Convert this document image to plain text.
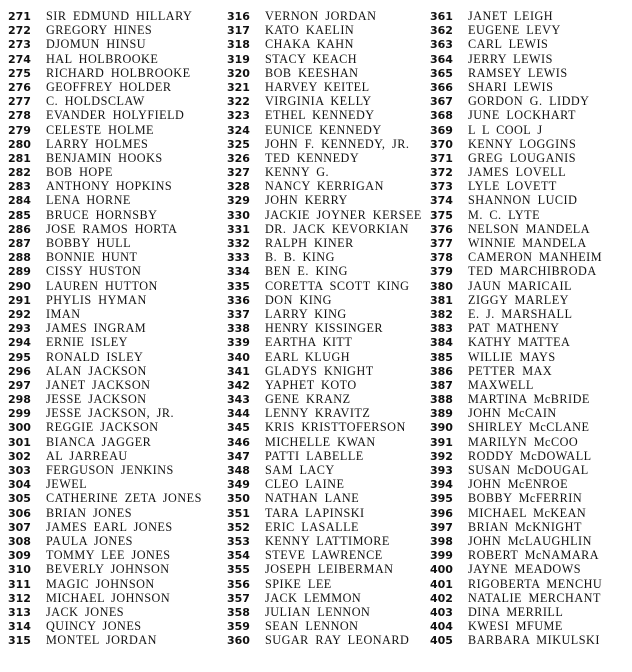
271	SIR EDMUND HILLARY
272	GREGORY HINES
273	DJOMUN HINSU
274	HAL HOLBROOKE
275	RICHARD HOLBROOKE
276	GEOFFREY HOLDER
277	C. HOLDSCLAW
278	EVANDER HOLYFIELD
279	CELESTE HOLME
280	LARRY HOLMES
281	BENJAMIN HOOKS
282	BOB HOPE
283	ANTHONY HOPKINS
284	LENA HORNE
285	BRUCE HORNSBY
286	JOSE RAMOS HORTA
287	BOBBY HULL
288	BONNIE HUNT
289	CISSY HUSTON
290	LAUREN HUTTON
291	PHYLIS HYMAN
292	IMAN
293	JAMES INGRAM
294	ERNIE ISLEY
295	RONALD ISLEY
296	ALAN JACKSON
297	JANET JACKSON
298	JESSE JACKSON
299	JESSE JACKSON, JR.
300	REGGIE JACKSON
301	BIANCA JAGGER
302	AL JARREAU
303	FERGUSON JENKINS
304	JEWEL
305	CATHERINE ZETA JONES
306	BRIAN JONES
307	JAMES EARL JONES
308	PAULA JONES
309	TOMMY LEE JONES
310	BEVERLY JOHNSON
311	MAGIC JOHNSON
312	MICHAEL JOHNSON
313	JACK JONES
314	QUINCY JONES
315	MONTEL JORDAN
316	VERNON JORDAN
317	KATO KAELIN
318	CHAKA KAHN
319	STACY KEACH
320	BOB KEESHAN
321	HARVEY KEITEL
322	VIRGINIA KELLY
323	ETHEL KENNEDY
324	EUNICE KENNEDY
325	JOHN F. KENNEDY, JR.
326	TED KENNEDY
327	KENNY G.
328	NANCY KERRIGAN
329	JOHN KERRY
330	JACKIE JOYNER KERSEE
331	DR. JACK KEVORKIAN
332	RALPH KINER
333	B. B. KING
334	BEN E. KING
335	CORETTA SCOTT KING
336	DON KING
337	LARRY KING
338	HENRY KISSINGER
339	EARTHA KITT
340	EARL KLUGH
341	GLADYS KNIGHT
342	YAPHET KOTO
343	GENE KRANZ
344	LENNY KRAVITZ
345	KRIS KRISTTOFERSON
346	MICHELLE KWAN
347	PATTI LABELLE
348	SAM LACY
349	CLEO LAINE
350	NATHAN LANE
351	TARA LAPINSKI
352	ERIC LASALLE
353	KENNY LATTIMORE
354	STEVE LAWRENCE
355	JOSEPH LEIBERMAN
356	SPIKE LEE
357	JACK LEMMON
358	JULIAN LENNON
359	SEAN LENNON
360	SUGAR RAY LEONARD
361	JANET LEIGH
362	EUGENE LEVY
363	CARL LEWIS
364	JERRY LEWIS
365	RAMSEY LEWIS
366	SHARI LEWIS
367	GORDON G. LIDDY
368	JUNE LOCKHART
369	L L COOL J
370	KENNY LOGGINS
371	GREG LOUGANIS
372	JAMES LOVELL
373	LYLE LOVETT
374	SHANNON LUCID
375	M. C. LYTE
376	NELSON MANDELA
377	WINNIE MANDELA
378	CAMERON MANHEIM
379	TED MARCHIBRODA
380	JAUN MARICAIL
381	ZIGGY MARLEY
382	E. J. MARSHALL
383	PAT MATHENY
384	KATHY MATTEA
385	WILLIE MAYS
386	PETTER MAX
387	MAXWELL
388	MARTINA McBRIDE
389	JOHN McCAIN
390	SHIRLEY McCLANE
391	MARILYN McCOO
392	RODDY McDOWALL
393	SUSAN McDOUGAL
394	JOHN McENROE
395	BOBBY McFERRIN
396	MICHAEL McKEAN
397	BRIAN McKNIGHT
398	JOHN McLAUGHLIN
399	ROBERT McNAMARA
400	JAYNE MEADOWS
401	RIGOBERTA MENCHU
402	NATALIE MERCHANT
403	DINA MERRILL
404	KWESI MFUME
405	BARBARA MIKULSKI
